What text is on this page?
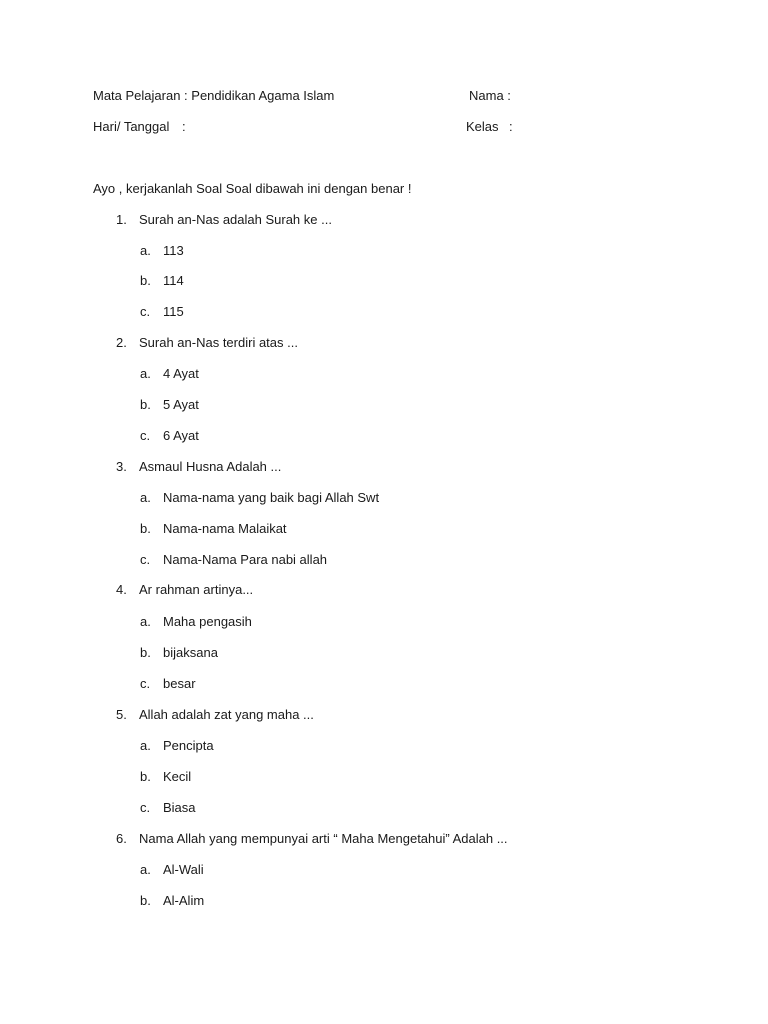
Mata Pelajaran : Pendidikan Agama Islam	Nama :
Hari/ Tanggal :	Kelas :
Ayo , kerjakanlah Soal Soal dibawah ini dengan benar !
1. Surah an-Nas adalah Surah ke ...
a. 113
b. 114
c. 115
2. Surah an-Nas terdiri atas ...
a. 4 Ayat
b. 5 Ayat
c. 6 Ayat
3. Asmaul Husna Adalah ...
a. Nama-nama yang baik bagi Allah Swt
b. Nama-nama Malaikat
c. Nama-Nama Para nabi allah
4. Ar rahman artinya...
a. Maha pengasih
b. bijaksana
c. besar
5. Allah adalah zat yang maha ...
a. Pencipta
b. Kecil
c. Biasa
6. Nama Allah yang mempunyai arti “ Maha Mengetahui” Adalah ...
a. Al-Wali
b. Al-Alim
